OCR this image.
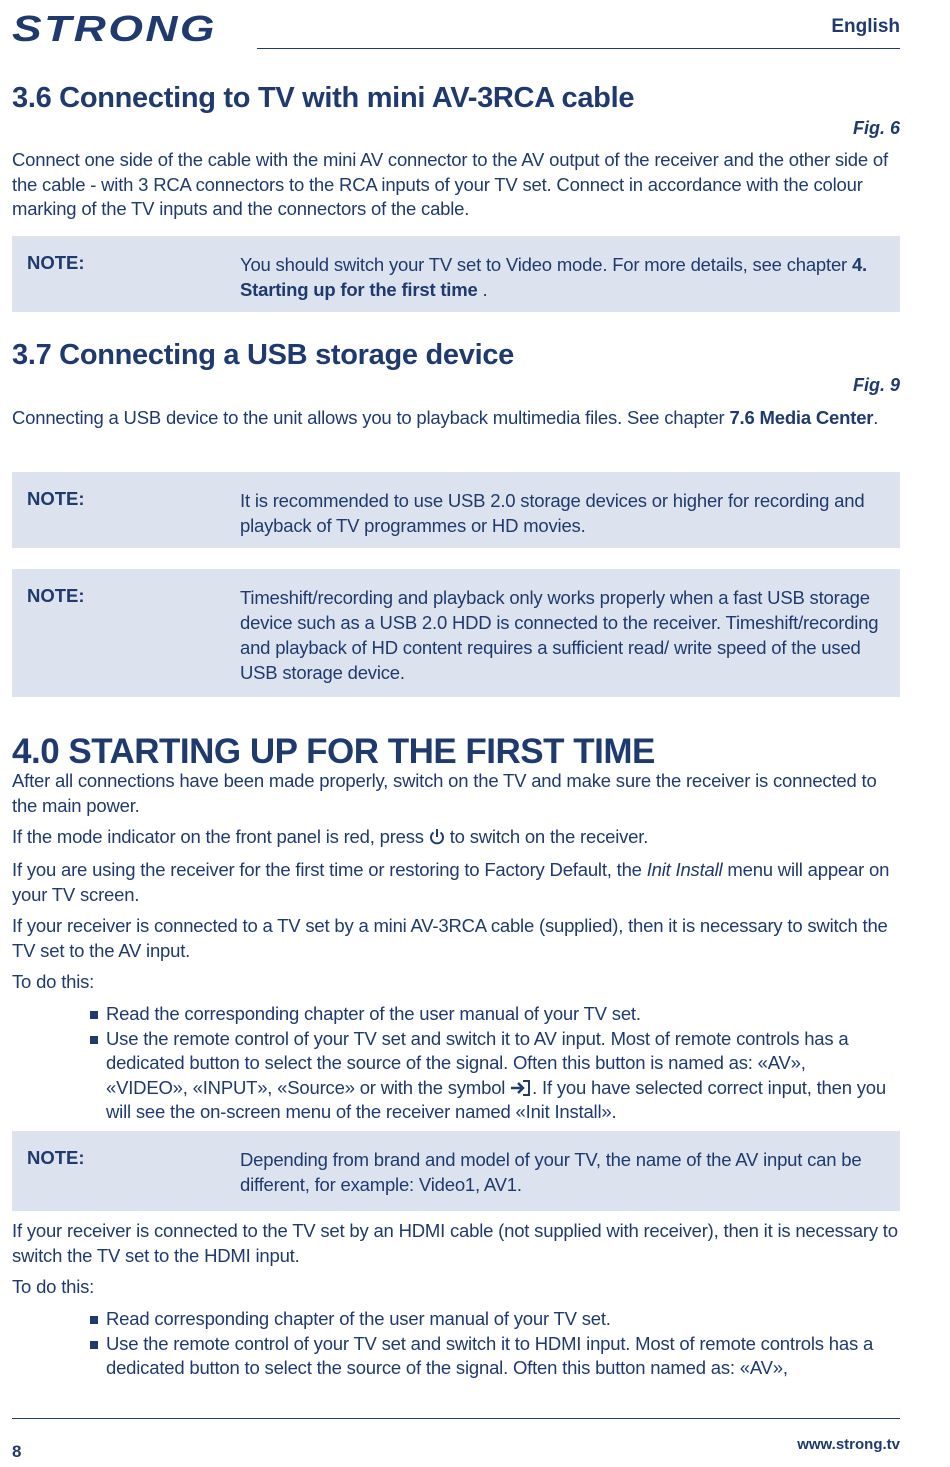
STRONG	English
3.6 Connecting to TV with mini AV-3RCA cable
Fig. 6

Connect one side of the cable with the mini AV connector to the AV output of the receiver and the other side of the cable - with 3 RCA connectors to the RCA inputs of your TV set. Connect in accordance with the colour marking of the TV inputs and the connectors of the cable.

NOTE:	You should switch your TV set to Video mode. For more details, see chapter 4. Starting up for the first time .
3.7 Connecting a USB storage device
Fig. 9

Connecting a USB device to the unit allows you to playback multimedia files. See chapter 7.6 Media Center.

NOTE:	It is recommended to use USB 2.0 storage devices or higher for recording and playback of TV programmes or HD movies.
NOTE:	Timeshift/recording and playback only works properly when a fast USB storage device such as a USB 2.0 HDD is connected to the receiver. Timeshift/recording and playback of HD content requires a sufficient read/ write speed of the used USB storage device.
4.0 STARTING UP FOR THE FIRST TIME

After all connections have been made properly, switch on the TV and make sure the receiver is connected to the main power.

If the mode indicator on the front panel is red, press  to switch on the receiver.

If you are using the receiver for the first time or restoring to Factory Default, the Init Install menu will appear on your TV screen.

If your receiver is connected to a TV set by a mini AV-3RCA cable (supplied), then it is necessary to switch the TV set to the AV input.

To do this:

Read the corresponding chapter of the user manual of your TV set.
Use the remote control of your TV set and switch it to AV input. Most of remote controls has a dedicated button to select the source of the signal. Often this button is named as: «AV», «VIDEO», «INPUT», «Source» or with the symbol . If you have selected correct input, then you will see the on-screen menu of the receiver named «Init Install».
NOTE:	Depending from brand and model of your TV, the name of the AV input can be different, for example: Video1, AV1.

If your receiver is connected to the TV set by an HDMI cable (not supplied with receiver), then it is necessary to switch the TV set to the HDMI input.

To do this:

Read corresponding chapter of the user manual of your TV set.
Use the remote control of your TV set and switch it to HDMI input. Most of remote controls has a dedicated button to select the source of the signal. Often this button named as: «AV»,
8	www.strong.tv
